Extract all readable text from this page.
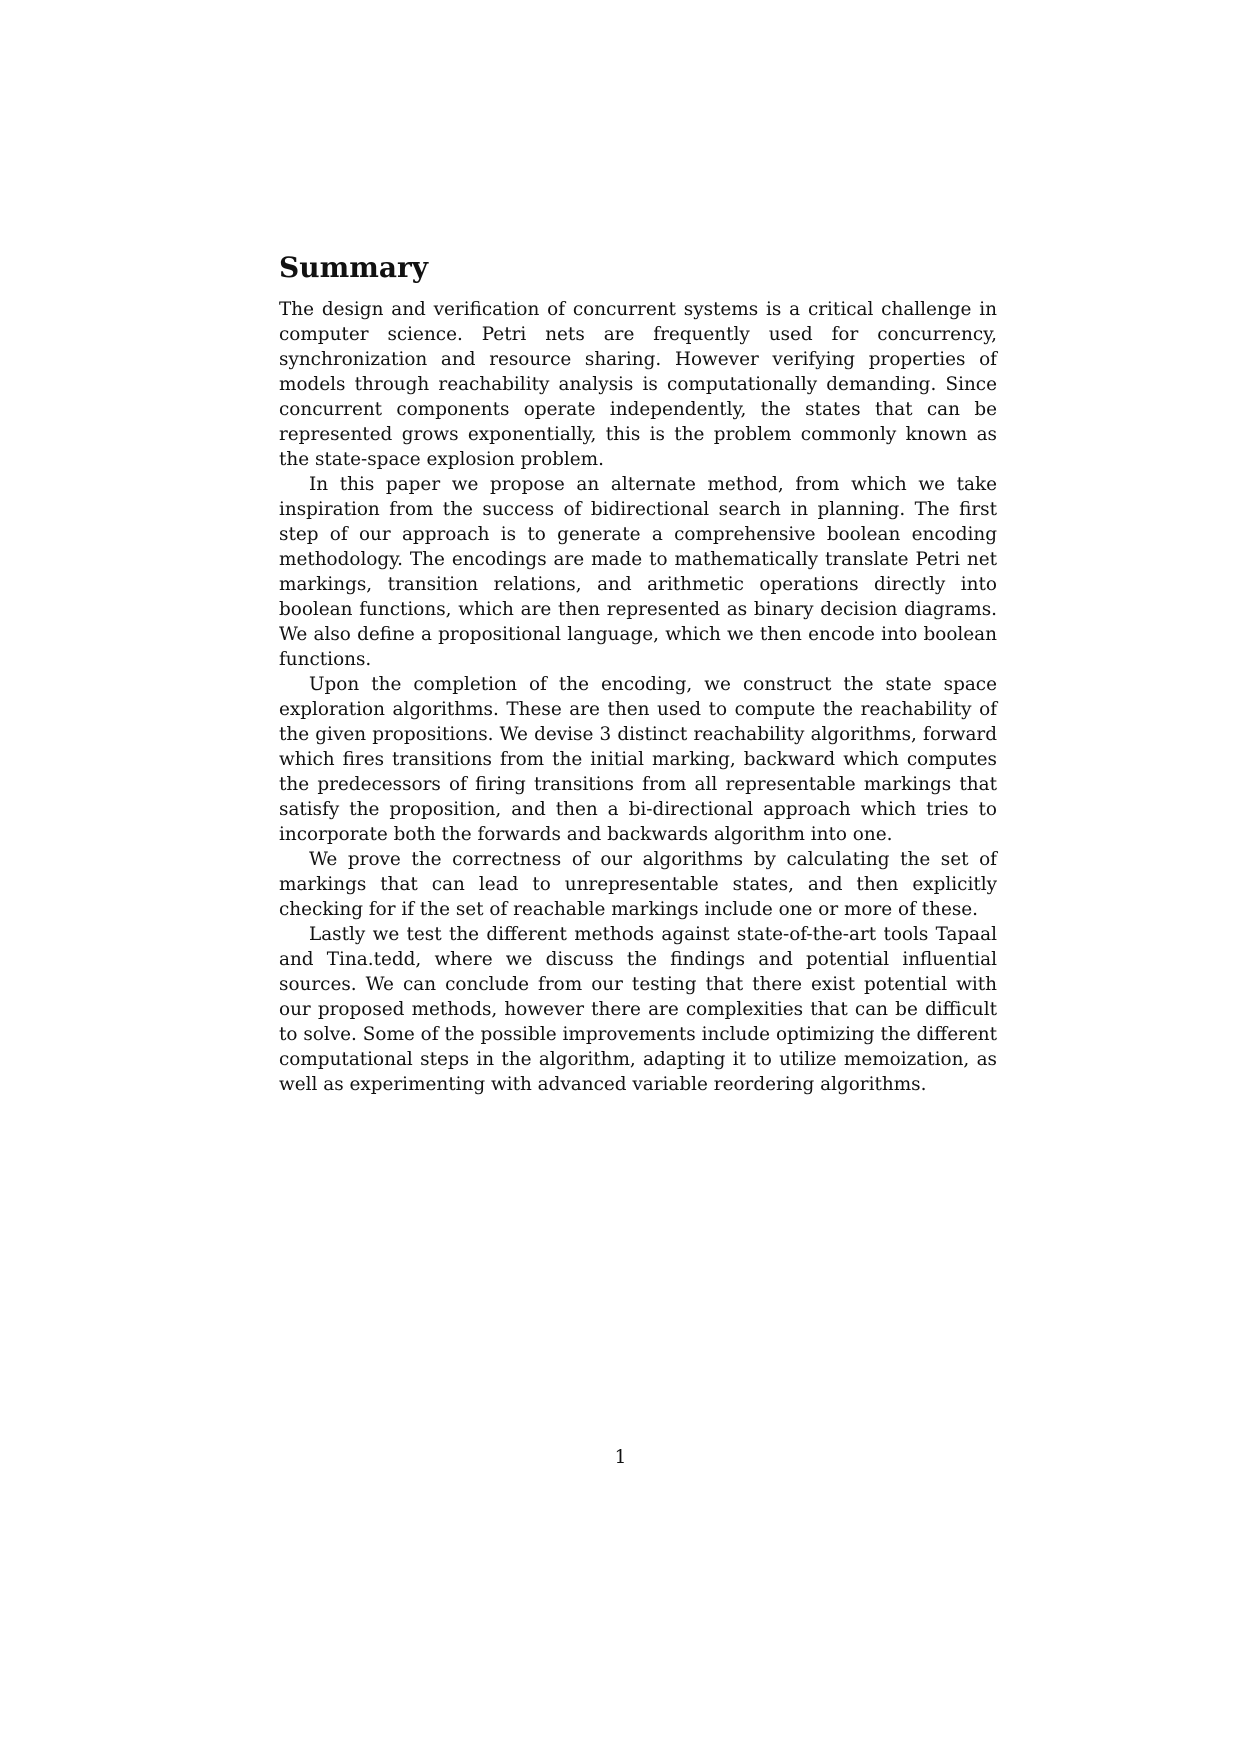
Summary

The design and verification of concurrent systems is a critical challenge in computer science. Petri nets are frequently used for concurrency, synchronization and resource sharing. However verifying properties of models through reachability analysis is computationally demanding. Since concurrent components operate independently, the states that can be represented grows exponentially, this is the problem commonly known as the state-space explosion problem.

In this paper we propose an alternate method, from which we take inspiration from the success of bidirectional search in planning. The first step of our approach is to generate a comprehensive boolean encoding methodology. The encodings are made to mathematically translate Petri net markings, transition relations, and arithmetic operations directly into boolean functions, which are then represented as binary decision diagrams. We also define a propositional language, which we then encode into boolean functions.

Upon the completion of the encoding, we construct the state space exploration algorithms. These are then used to compute the reachability of the given propositions. We devise 3 distinct reachability algorithms, forward which fires transitions from the initial marking, backward which computes the predecessors of firing transitions from all representable markings that satisfy the proposition, and then a bi-directional approach which tries to incorporate both the forwards and backwards algorithm into one.

We prove the correctness of our algorithms by calculating the set of markings that can lead to unrepresentable states, and then explicitly checking for if the set of reachable markings include one or more of these.

Lastly we test the different methods against state-of-the-art tools Tapaal and Tina.tedd, where we discuss the findings and potential influential sources. We can conclude from our testing that there exist potential with our proposed methods, however there are complexities that can be difficult to solve. Some of the possible improvements include optimizing the different computational steps in the algorithm, adapting it to utilize memoization, as well as experimenting with advanced variable reordering algorithms.

1
